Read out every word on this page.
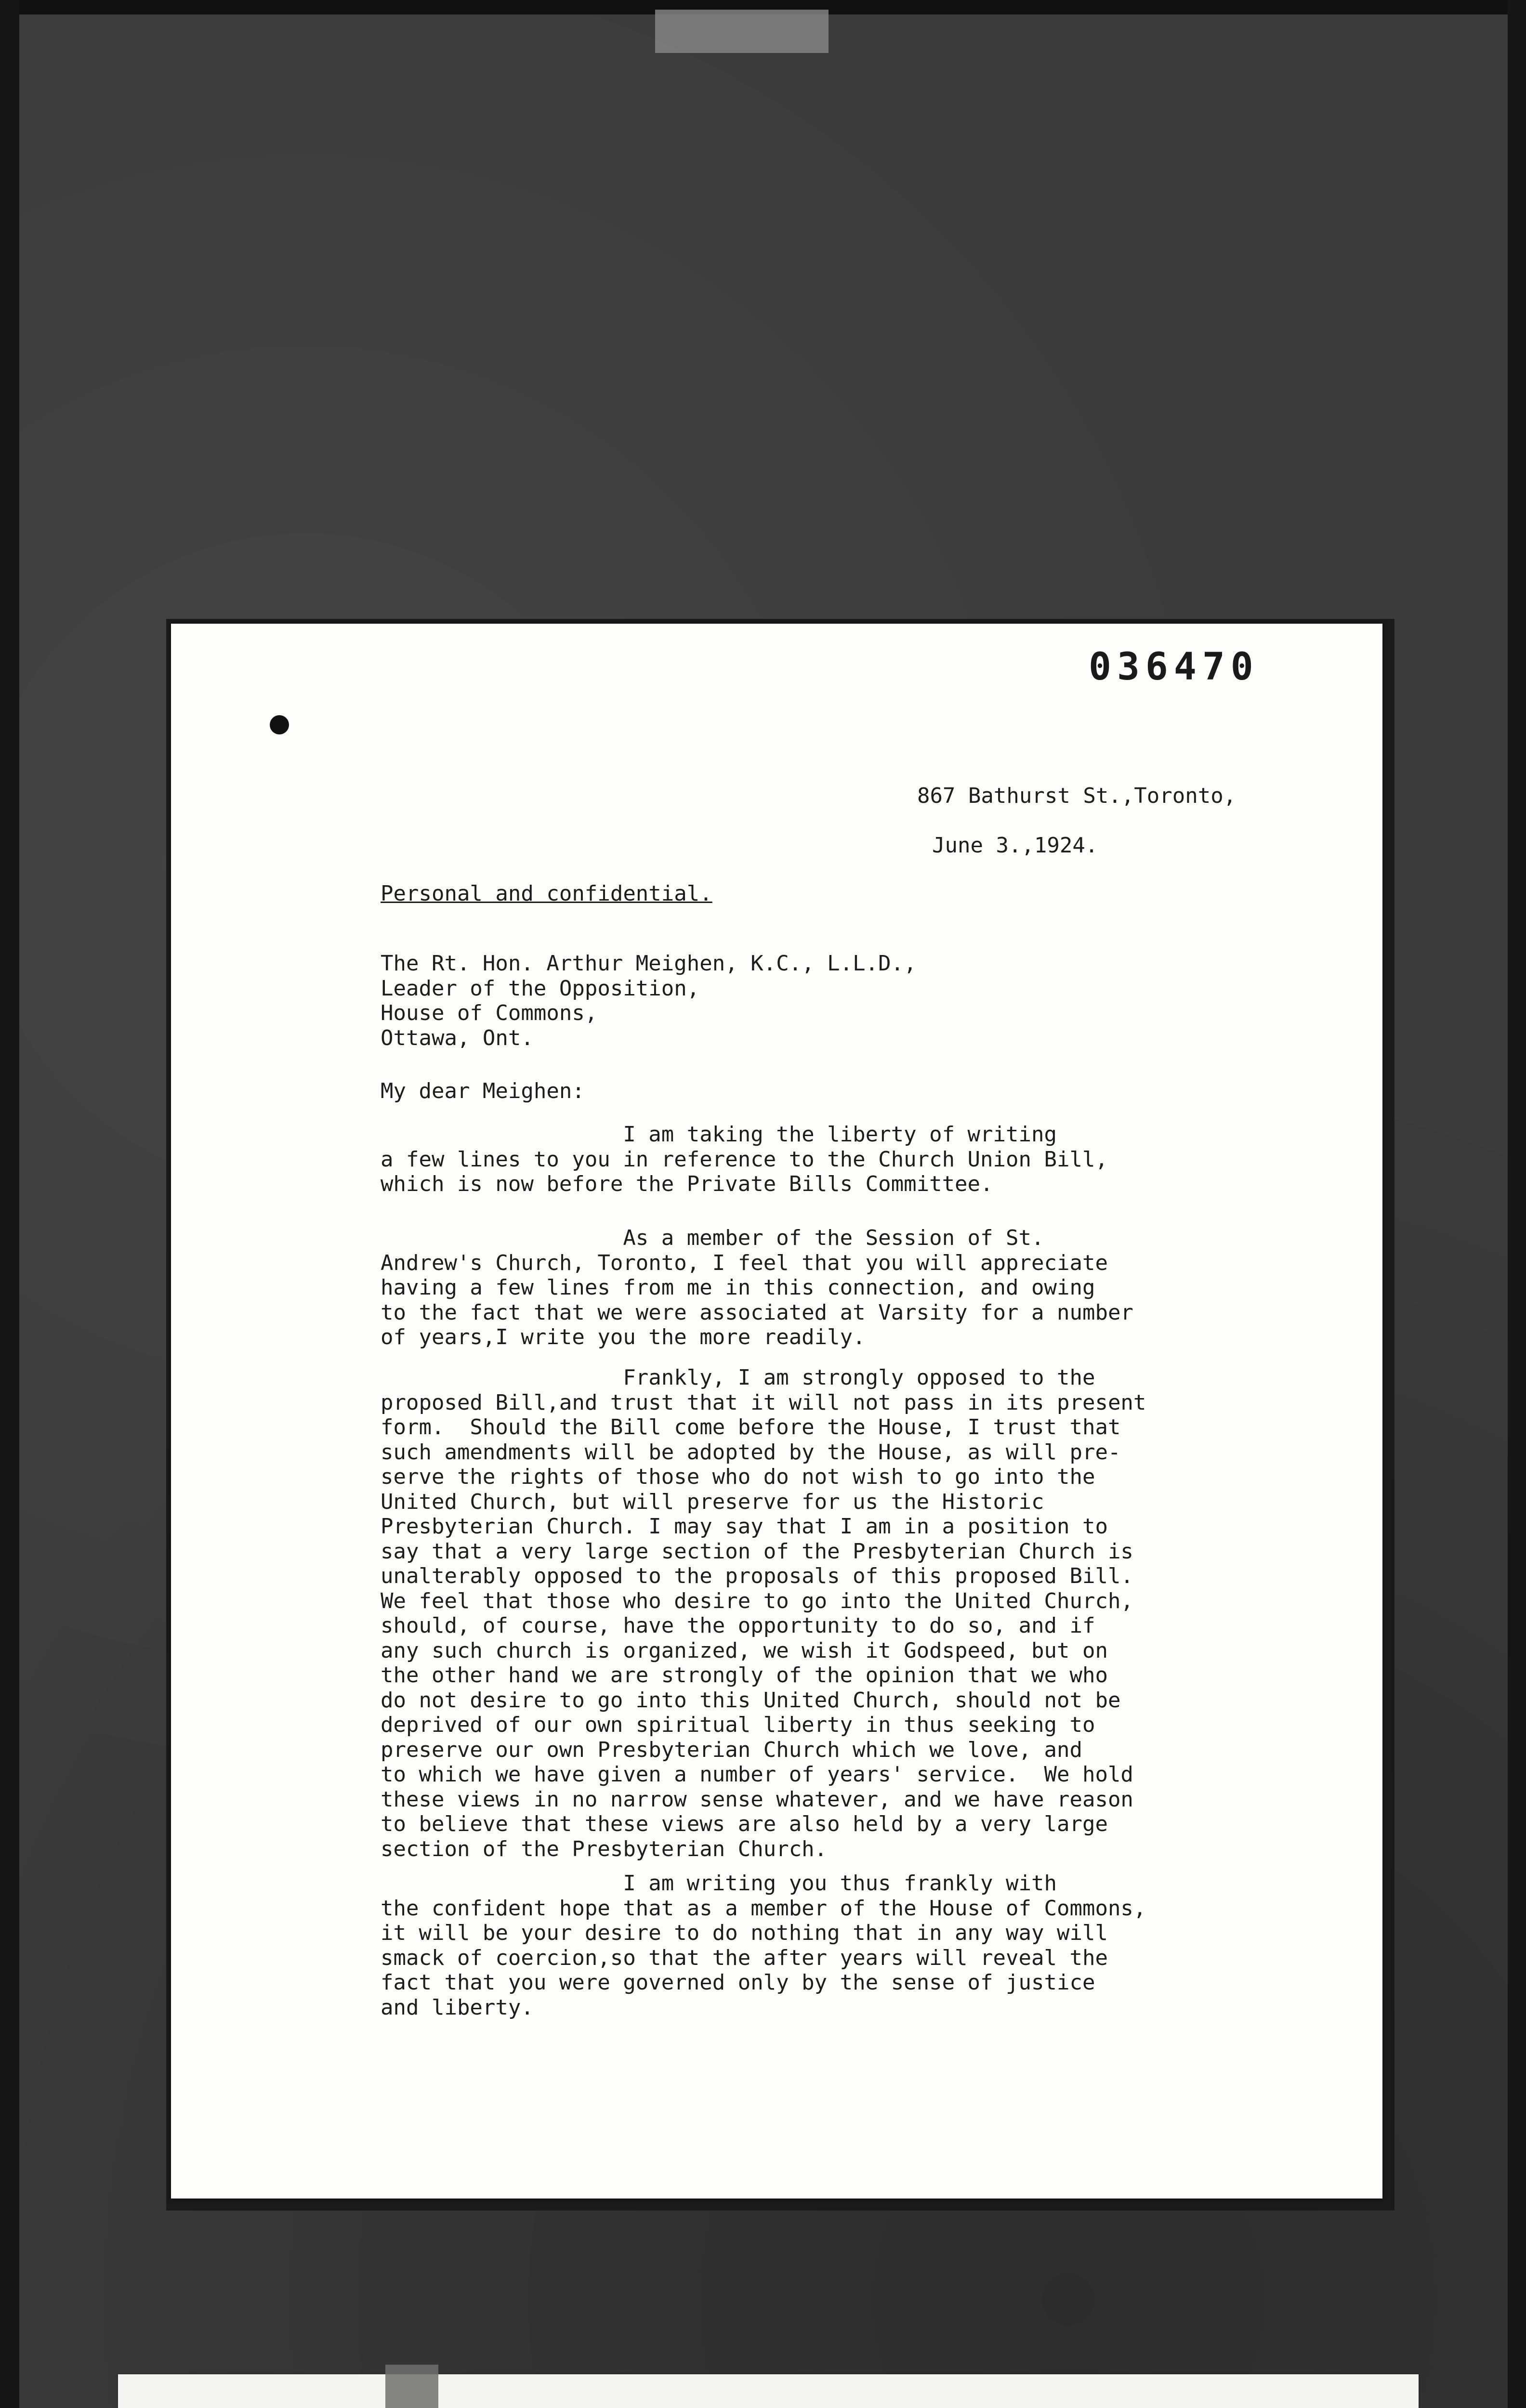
036470

867 Bathurst St.,Toronto,

June 3.,1924.

Personal and confidential.
The Rt. Hon. Arthur Meighen, K.C., L.L.D.,
Leader of the Opposition,
House of Commons,
Ottawa, Ont.
My dear Meighen:
I am taking the liberty of writing
a few lines to you in reference to the Church Union Bill,
which is now before the Private Bills Committee.
As a member of the Session of St.
Andrew's Church, Toronto, I feel that you will appreciate
having a few lines from me in this connection, and owing
to the fact that we were associated at Varsity for a number
of years,I write you the more readily.
Frankly, I am strongly opposed to the
proposed Bill,and trust that it will not pass in its present
form.  Should the Bill come before the House, I trust that
such amendments will be adopted by the House, as will pre-
serve the rights of those who do not wish to go into the
United Church, but will preserve for us the Historic
Presbyterian Church. I may say that I am in a position to
say that a very large section of the Presbyterian Church is
unalterably opposed to the proposals of this proposed Bill.
We feel that those who desire to go into the United Church,
should, of course, have the opportunity to do so, and if
any such church is organized, we wish it Godspeed, but on
the other hand we are strongly of the opinion that we who
do not desire to go into this United Church, should not be
deprived of our own spiritual liberty in thus seeking to
preserve our own Presbyterian Church which we love, and
to which we have given a number of years' service.  We hold
these views in no narrow sense whatever, and we have reason
to believe that these views are also held by a very large
section of the Presbyterian Church.
I am writing you thus frankly with
the confident hope that as a member of the House of Commons,
it will be your desire to do nothing that in any way will
smack of coercion,so that the after years will reveal the
fact that you were governed only by the sense of justice
and liberty.
